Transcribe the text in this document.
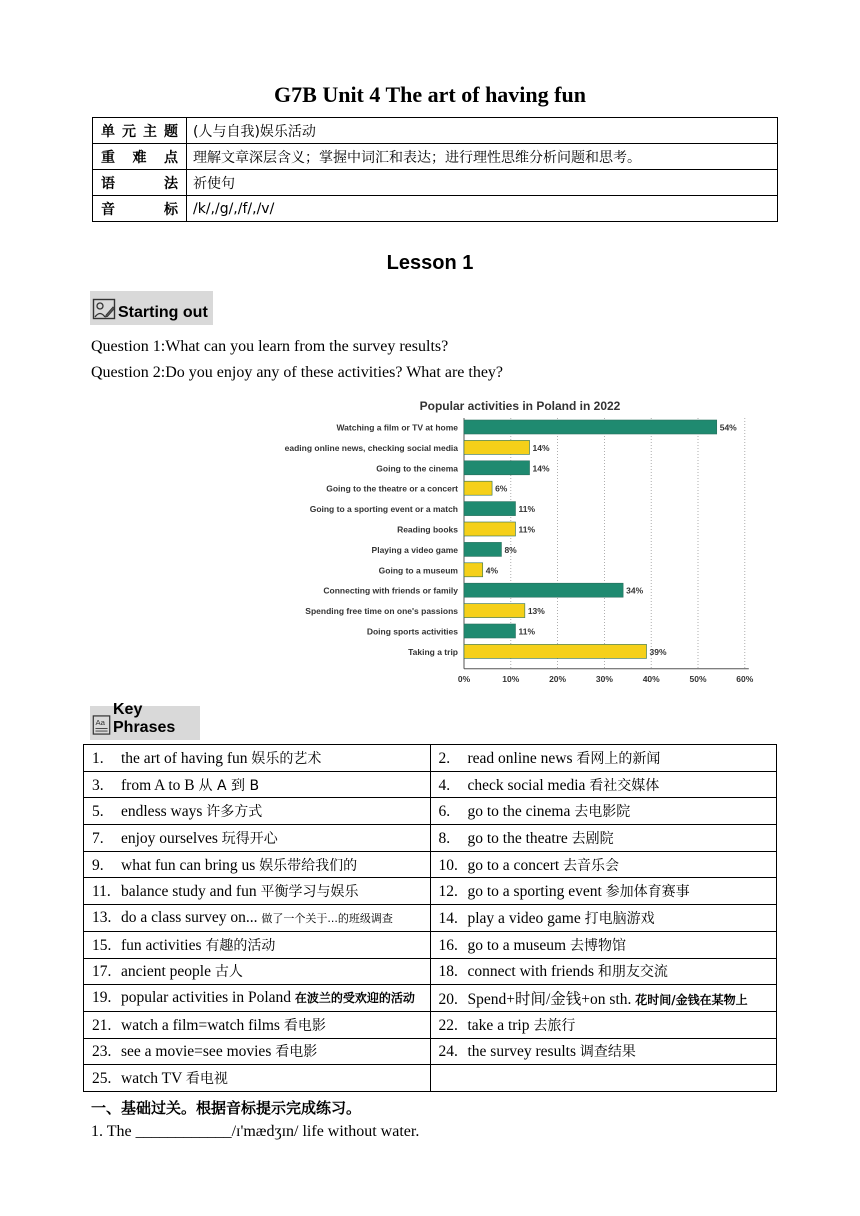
G7B Unit 4 The art of having fun
单元主题	(人与自我)娱乐活动
重难点	理解文章深层含义；掌握中词汇和表达；进行理性思维分析问题和思考。
语法	祈使句
音标	/k/,/g/,/f/,/v/
Lesson 1
Starting out
Question 1:What can you learn from the survey results?
Question 2:Do you enjoy any of these activities? What are they?
Popular activities in Poland in 2022
0%	10%	20%	30%	40%	50%	60%
Watching a film or TV at home	54%
eading online news, checking social media	14%
Going to the cinema	14%
Going to the theatre or a concert	6%
Going to a sporting event or a match	11%
Reading books	11%
Playing a video game	8%
Going to a museum	4%
Connecting with friends or family	34%
Spending free time on one's passions	13%
Doing sports activities	11%
Taking a trip	39%
Aa
Key Phrases
1. the art of having fun 娱乐的艺术	2. read online news 看网上的新闻
3. from A to B 从 A 到 B	4. check social media 看社交媒体
5. endless ways 许多方式	6. go to the cinema 去电影院
7. enjoy ourselves 玩得开心	8. go to the theatre 去剧院
9. what fun can bring us 娱乐带给我们的	10. go to a concert 去音乐会
11. balance study and fun 平衡学习与娱乐	12. go to a sporting event 参加体育赛事
13. do a class survey on... 做了一个关于...的班级调查	14. play a video game 打电脑游戏
15. fun activities 有趣的活动	16. go to a museum 去博物馆
17. ancient people 古人	18. connect with friends 和朋友交流
19. popular activities in Poland 在波兰的受欢迎的活动	20. Spend+时间/金钱+on sth. 花时间/金钱在某物上
21. watch a film=watch films 看电影	22. take a trip 去旅行
23. see a movie=see movies 看电影	24. the survey results 调查结果
25. watch TV 看电视	
一、基础过关。根据音标提示完成练习。
1. The ____________/ɪ'mædʒɪn/ life without water.
